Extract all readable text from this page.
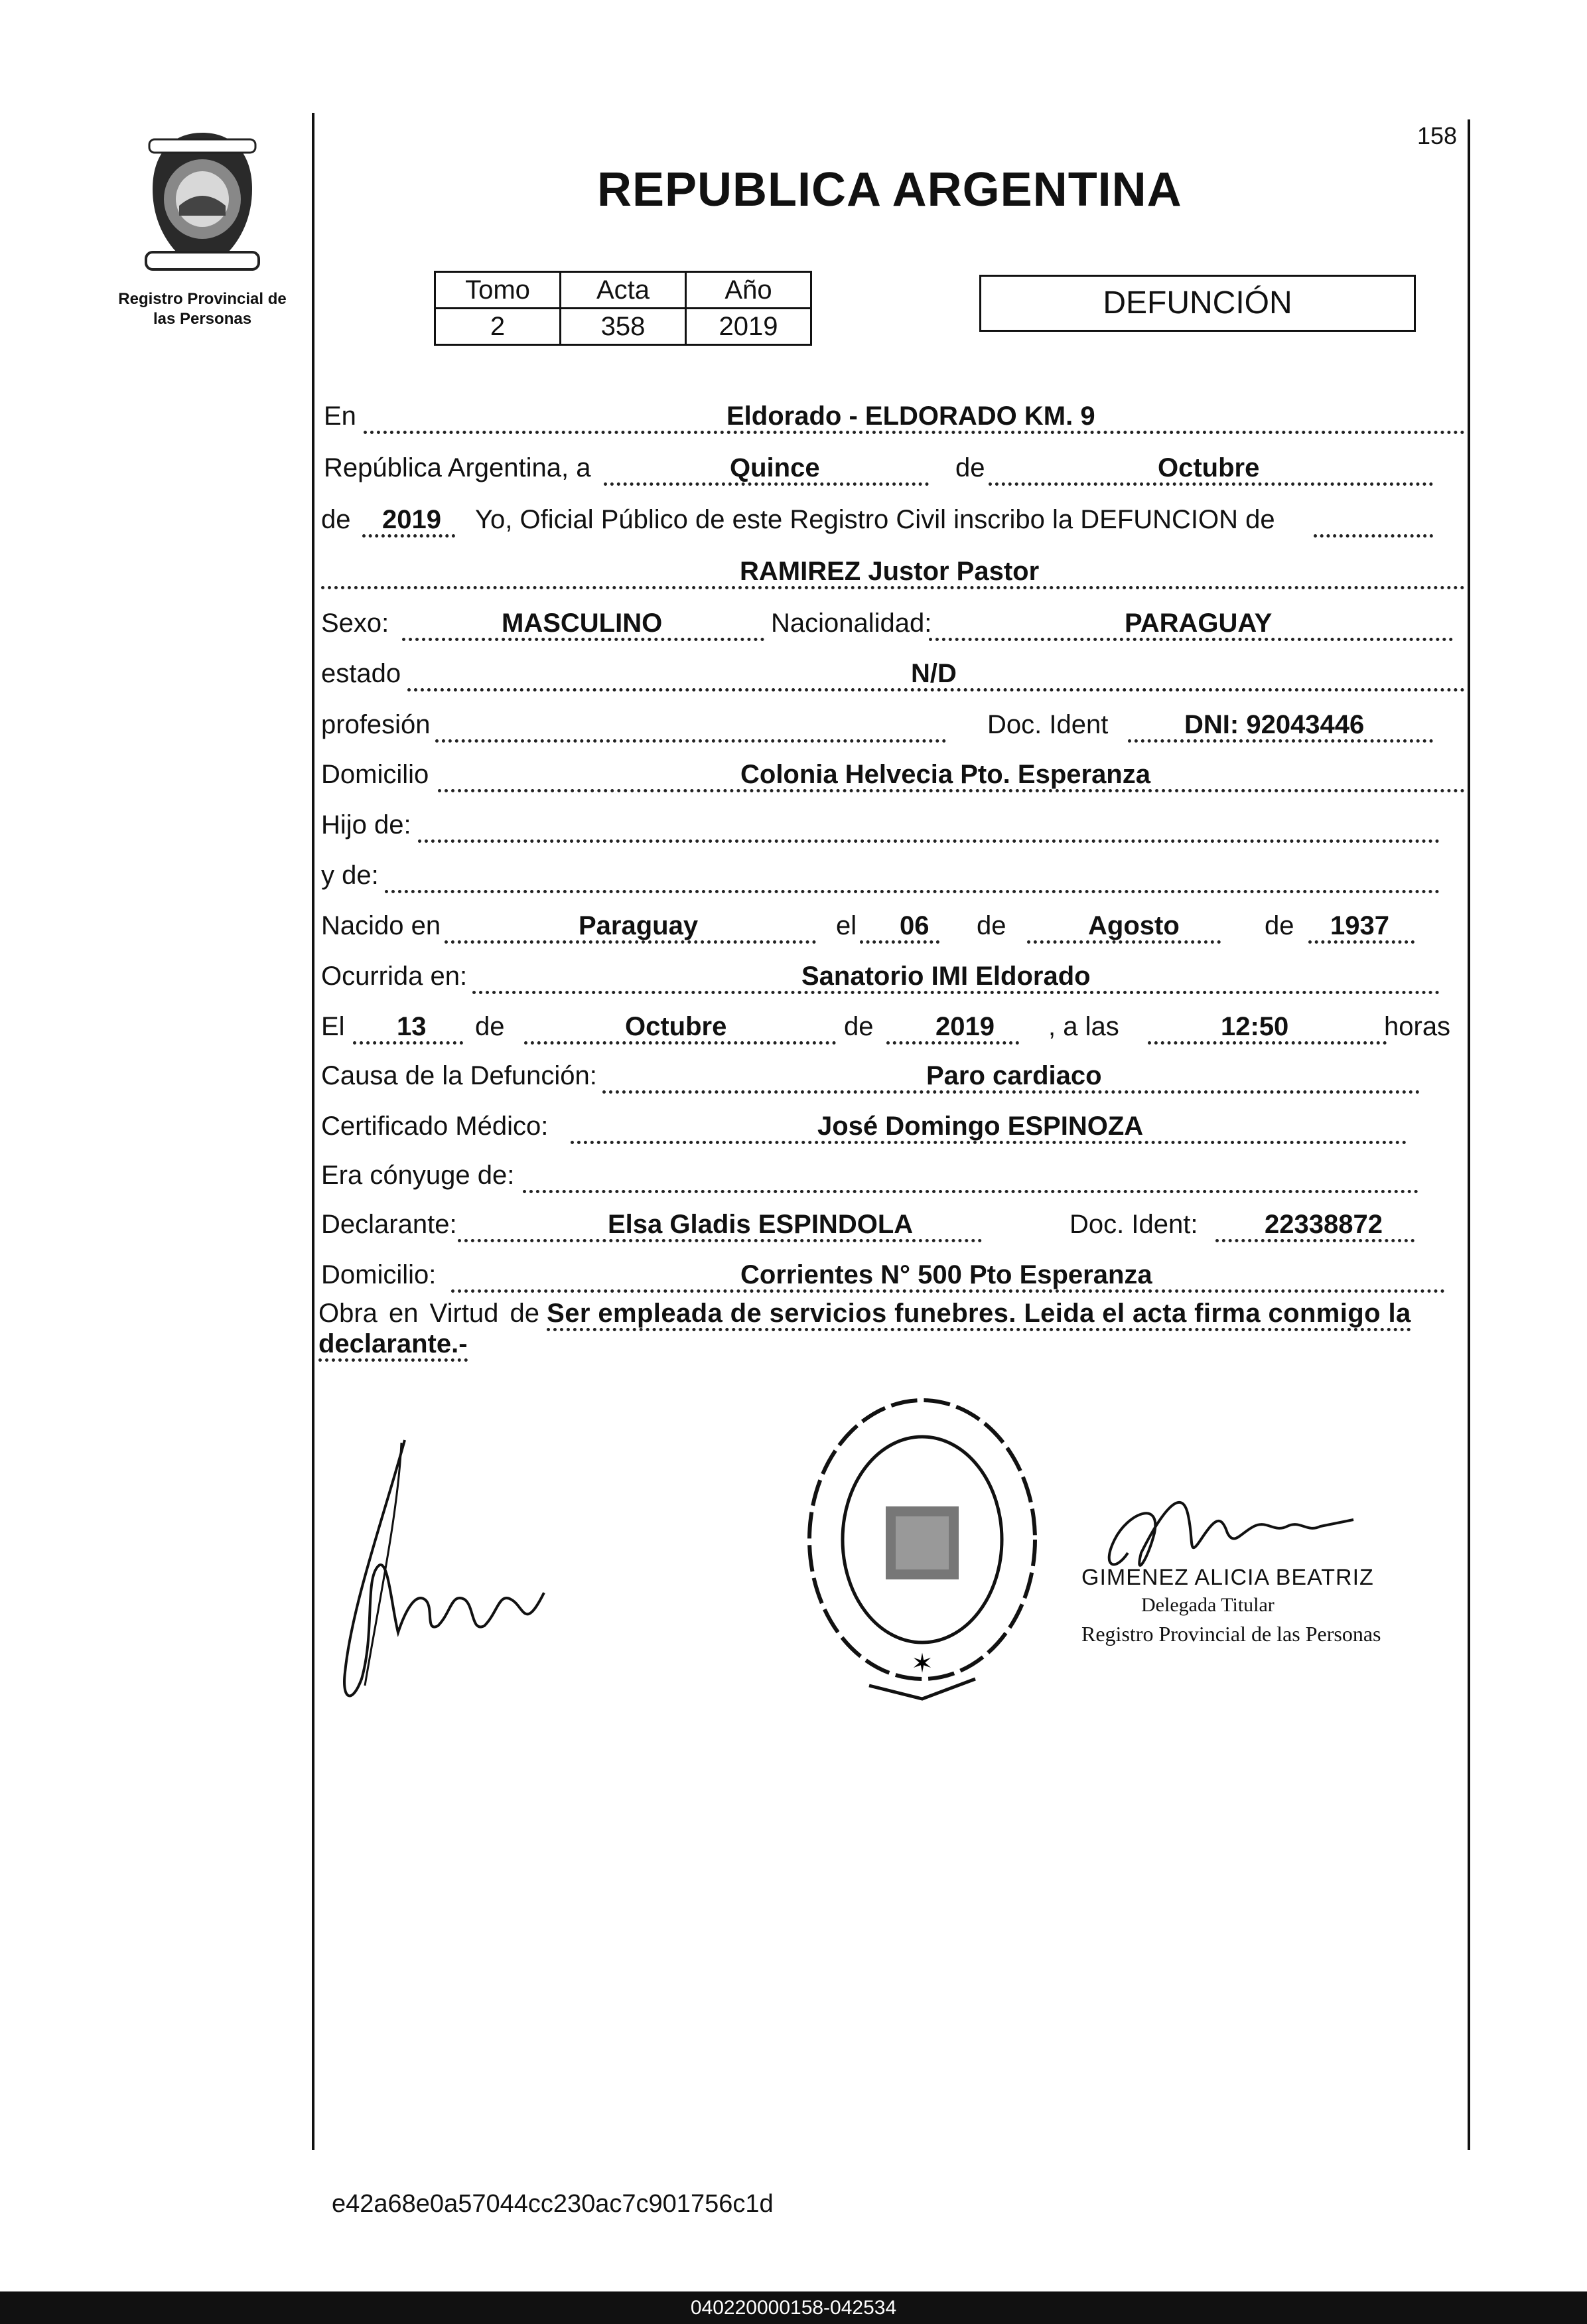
Registro Provincial de las Personas
158
REPUBLICA ARGENTINA
Tomo	Acta	Año
2	358	2019
DEFUNCIÓN
En	Eldorado - ELDORADO KM. 9
República Argentina, a	Quince	de	Octubre
de 2019 Yo, Oficial Público de este Registro Civil inscribo la DEFUNCION de
RAMIREZ Justor Pastor
Sexo:	MASCULINO	Nacionalidad:	PARAGUAY
estado	N/D
profesión	Doc. Ident	DNI: 92043446
Domicilio	Colonia Helvecia Pto. Esperanza
Hijo de:
y de:
Nacido en	Paraguay	el 06 de	Agosto	de 1937
Ocurrida en:	Sanatorio IMI Eldorado
El 13 de	Octubre	de 2019 , a las	12:50	horas
Causa de la Defunción:	Paro cardiaco
Certificado Médico:	José Domingo ESPINOZA
Era cónyuge de:
Declarante:	Elsa Gladis ESPINDOLA	Doc. Ident:	22338872
Domicilio:	Corrientes N° 500 Pto Esperanza
Obra en Virtud de Ser empleada de servicios funebres. Leida el acta firma conmigo la
declarante.-
✶
GIMENEZ ALICIA BEATRIZ
Delegada Titular
Registro Provincial de las Personas
e42a68e0a57044cc230ac7c901756c1d
040220000158-042534
